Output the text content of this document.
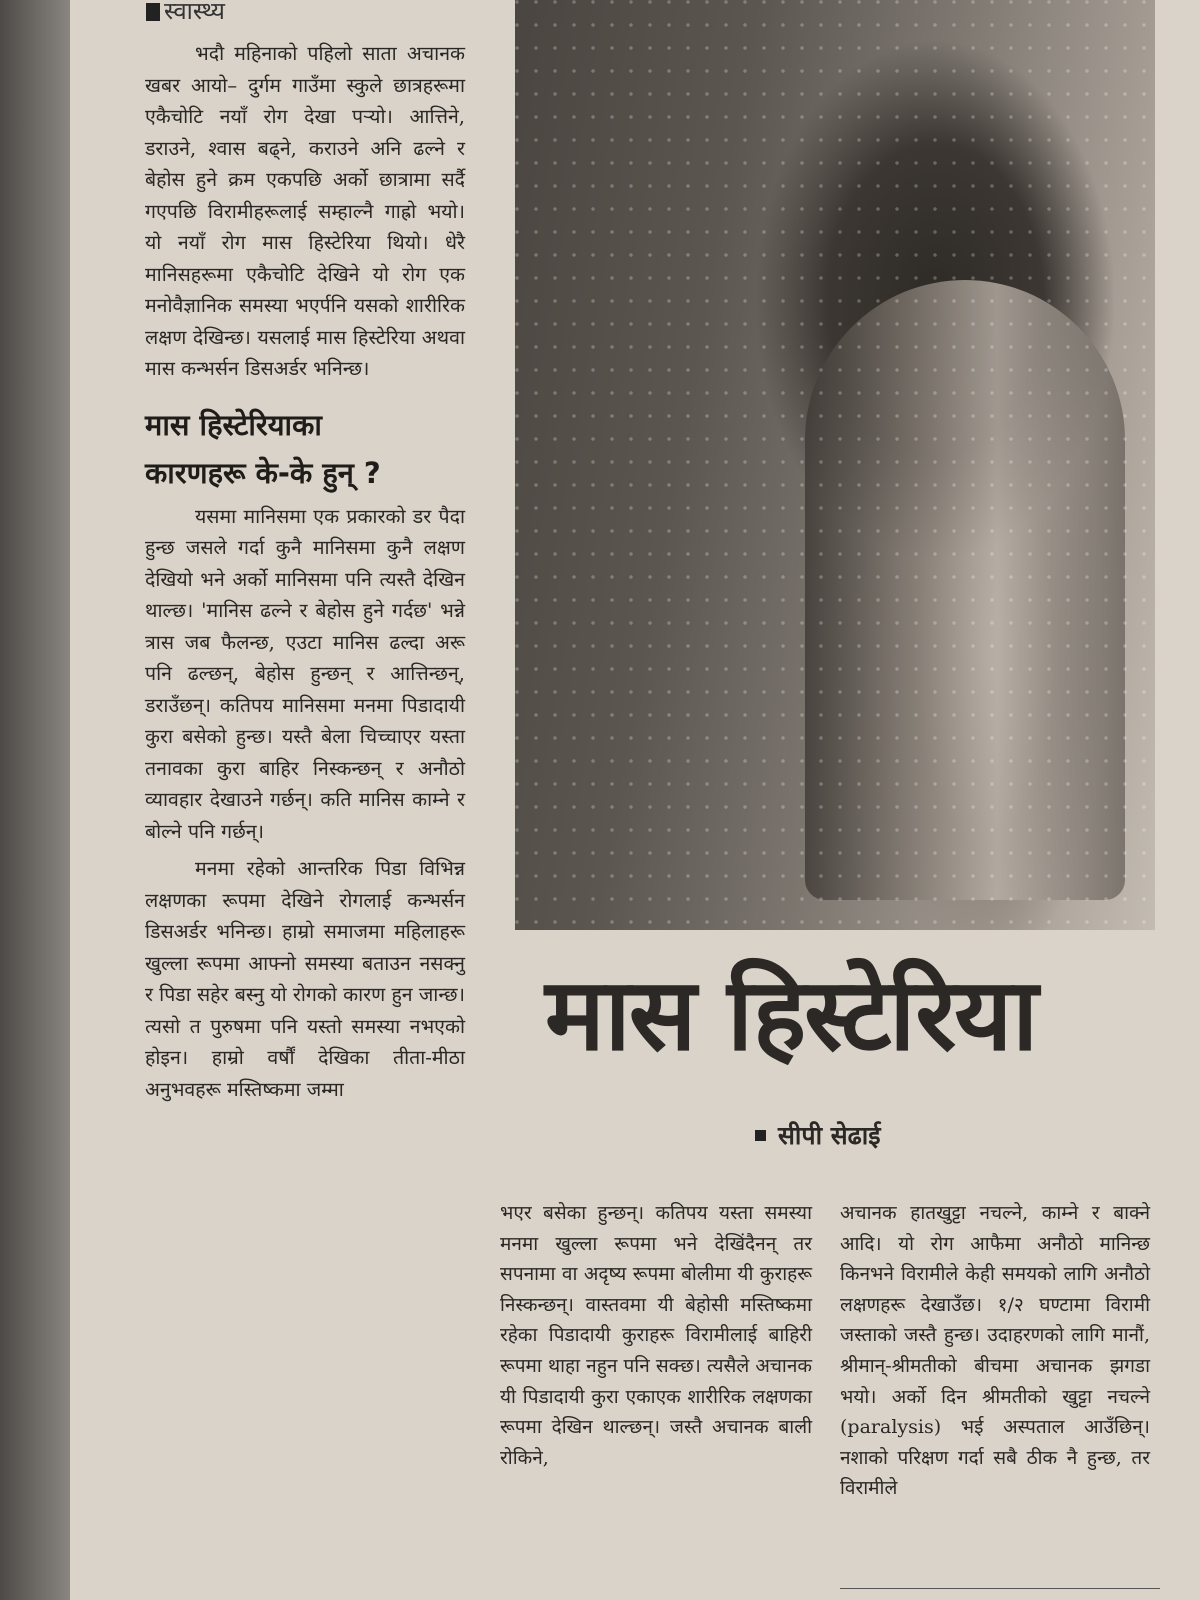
स्वास्थ्य

भदौ महिनाको पहिलो साता अचानक खबर आयो– दुर्गम गाउँमा स्कुले छात्रहरूमा एकैचोटि नयाँ रोग देखा पऱ्यो। आत्तिने, डराउने, श्वास बढ्ने, कराउने अनि ढल्ने र बेहोस हुने क्रम एकपछि अर्को छात्रामा सर्दै गएपछि विरामीहरूलाई सम्हाल्नै गाह्रो भयो। यो नयाँ रोग मास हिस्टेरिया थियो। धेरै मानिसहरूमा एकैचोटि देखिने यो रोग एक मनोवैज्ञानिक समस्या भएर्पनि यसको शारीरिक लक्षण देखिन्छ। यसलाई मास हिस्टेरिया अथवा मास कन्भर्सन डिसअर्डर भनिन्छ।

मास हिस्टेरियाका
कारणहरू के-के हुन् ?

यसमा मानिसमा एक प्रकारको डर पैदा हुन्छ जसले गर्दा कुनै मानिसमा कुनै लक्षण देखियो भने अर्को मानिसमा पनि त्यस्तै देखिन थाल्छ। 'मानिस ढल्ने र बेहोस हुने गर्दछ' भन्ने त्रास जब फैलन्छ, एउटा मानिस ढल्दा अरू पनि ढल्छन्, बेहोस हुन्छन् र आत्तिन्छन्, डराउँछन्। कतिपय मानिसमा मनमा पिडादायी कुरा बसेको हुन्छ। यस्तै बेला चिच्चाएर यस्ता तनावका कुरा बाहिर निस्कन्छन् र अनौठो व्यावहार देखाउने गर्छन्। कति मानिस काम्ने र बोल्ने पनि गर्छन्।

मनमा रहेको आन्तरिक पिडा विभिन्न लक्षणका रूपमा देखिने रोगलाई कन्भर्सन डिसअर्डर भनिन्छ। हाम्रो समाजमा महिलाहरू खुल्ला रूपमा आफ्नो समस्या बताउन नसक्नु र पिडा सहेर बस्नु यो रोगको कारण हुन जान्छ। त्यसो त पुरुषमा पनि यस्तो समस्या नभएको होइन। हाम्रो वर्षौं देखिका तीता-मीठा अनुभवहरू मस्तिष्कमा जम्मा

मास हिस्टेरिया
सीपी सेढाई

भएर बसेका हुन्छन्। कतिपय यस्ता समस्या मनमा खुल्ला रूपमा भने देखिंदैनन् तर सपनामा वा अदृष्य रूपमा बोलीमा यी कुराहरू निस्कन्छन्। वास्तवमा यी बेहोसी मस्तिष्कमा रहेका पिडादायी कुराहरू विरामीलाई बाहिरी रूपमा थाहा नहुन पनि सक्छ। त्यसैले अचानक यी पिडादायी कुरा एकाएक शारीरिक लक्षणका रूपमा देखिन थाल्छन्। जस्तै अचानक बाली रोकिने,

अचानक हातखुट्टा नचल्ने, काम्ने र बाक्ने आदि। यो रोग आफैमा अनौठो मानिन्छ किनभने विरामीले केही समयको लागि अनौठो लक्षणहरू देखाउँछ। १/२ घण्टामा विरामी जस्ताको जस्तै हुन्छ। उदाहरणको लागि मानौं, श्रीमान्-श्रीमतीको बीचमा अचानक झगडा भयो। अर्को दिन श्रीमतीको खुट्टा नचल्ने (paralysis) भई अस्पताल आउँछिन्। नशाको परिक्षण गर्दा सबै ठीक नै हुन्छ, तर विरामीले
